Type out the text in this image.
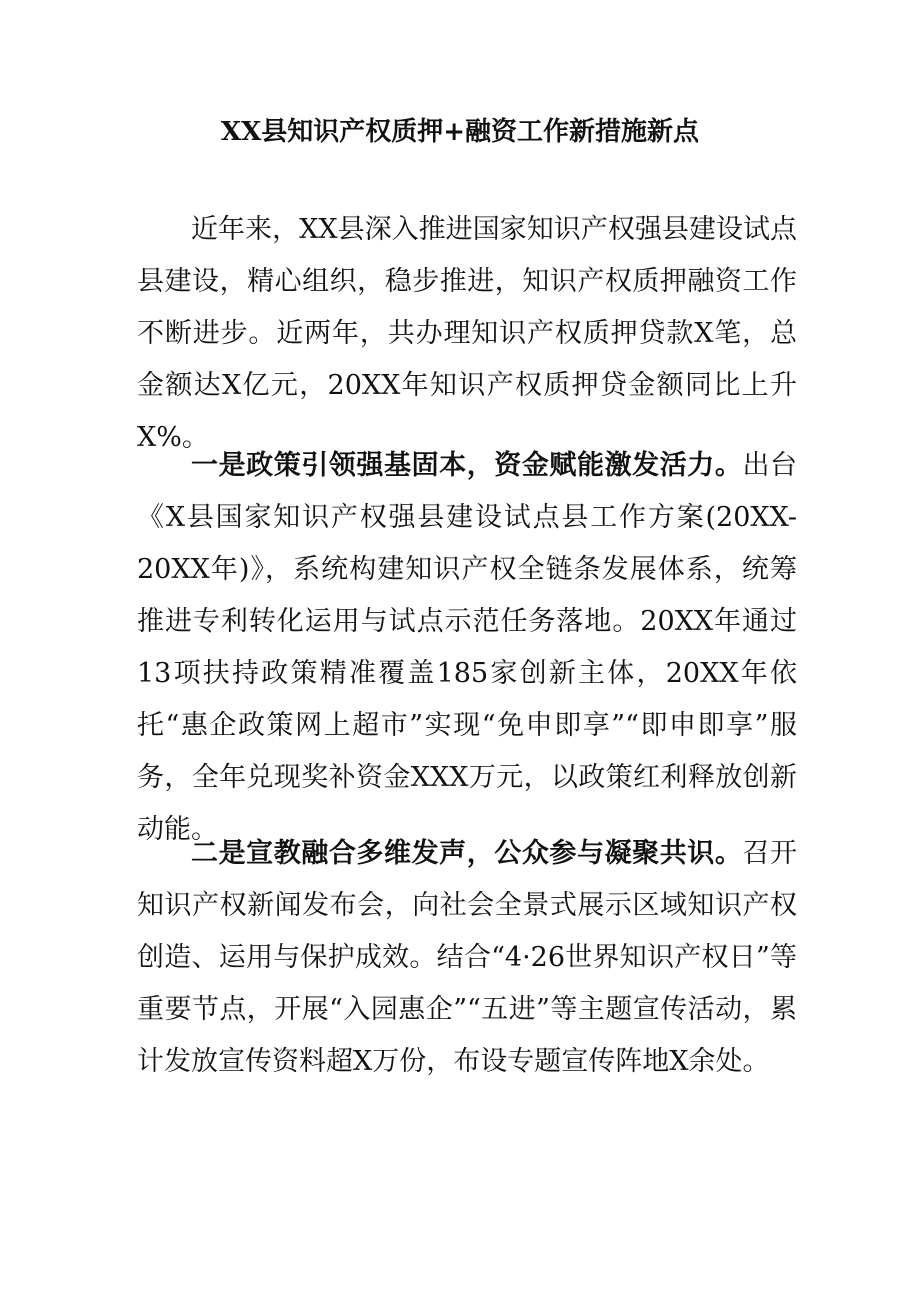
XX县知识产权质押+融资工作新措施新点

近年来，XX县深入推进国家知识产权强县建设试点县建设，精心组织，稳步推进，知识产权质押融资工作不断进步。近两年，共办理知识产权质押贷款X笔，总金额达X亿元，20XX年知识产权质押贷金额同比上升X%。

一是政策引领强基固本，资金赋能激发活力。出台《X县国家知识产权强县建设试点县工作方案(20XX-20XX年)》，系统构建知识产权全链条发展体系，统筹推进专利转化运用与试点示范任务落地。20XX年通过13项扶持政策精准覆盖185家创新主体，20XX年依托“惠企政策网上超市”实现“免申即享”“即申即享”服务，全年兑现奖补资金XXX万元，以政策红利释放创新动能。

二是宣教融合多维发声，公众参与凝聚共识。召开知识产权新闻发布会，向社会全景式展示区域知识产权创造、运用与保护成效。结合“4·26世界知识产权日”等重要节点，开展“入园惠企”“五进”等主题宣传活动，累计发放宣传资料超X万份，布设专题宣传阵地X余处。
